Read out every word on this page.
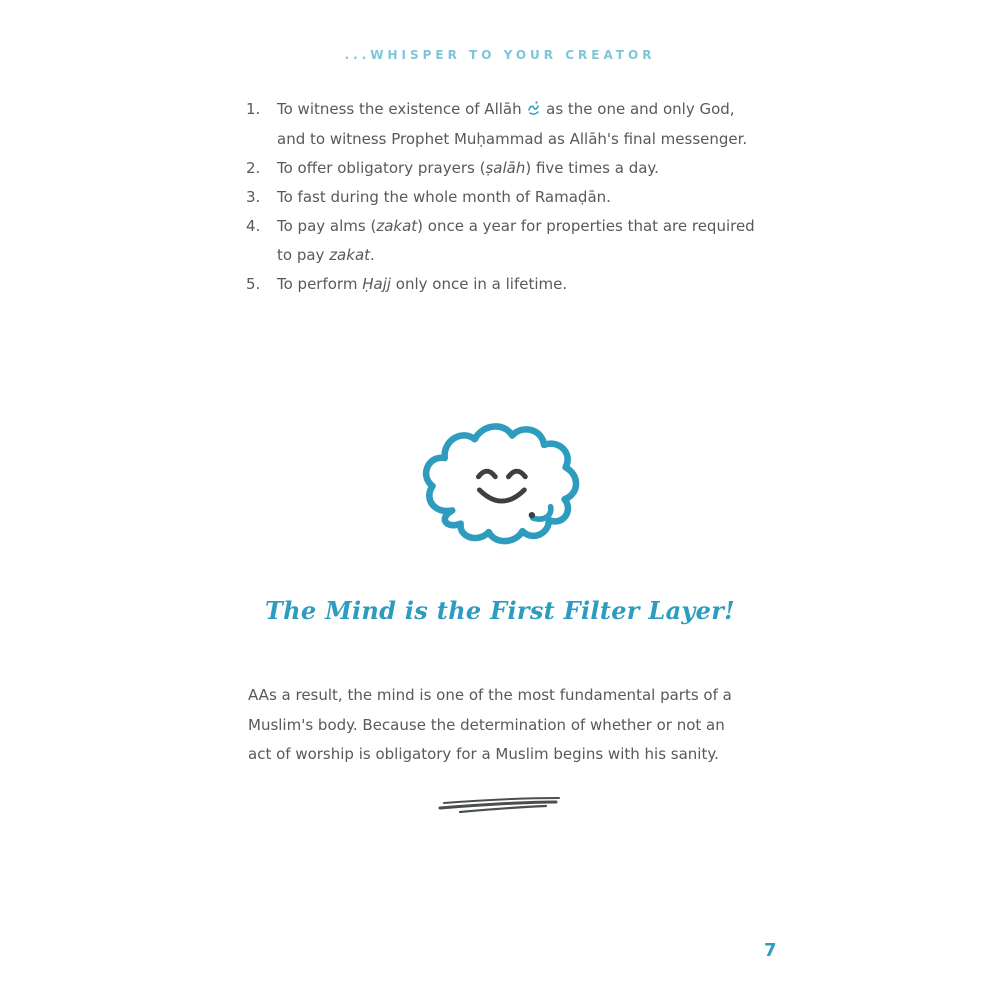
...WHISPER TO YOUR CREATOR
1.	To witness the existence of Allāh  as the one and only God,
and to witness Prophet Muḥammad as Allāh's final messenger.
2.	To offer obligatory prayers (ṣalāh) five times a day.
3.	To fast during the whole month of Ramaḍān.
4.	To pay alms (zakat) once a year for properties that are required
to pay zakat.
5.	To perform Ḥajj only once in a lifetime.
The Mind is the First Filter Layer!
AAs a result, the mind is one of the most fundamental parts of a
Muslim's body. Because the determination of whether or not an
act of worship is obligatory for a Muslim begins with his sanity.
7
